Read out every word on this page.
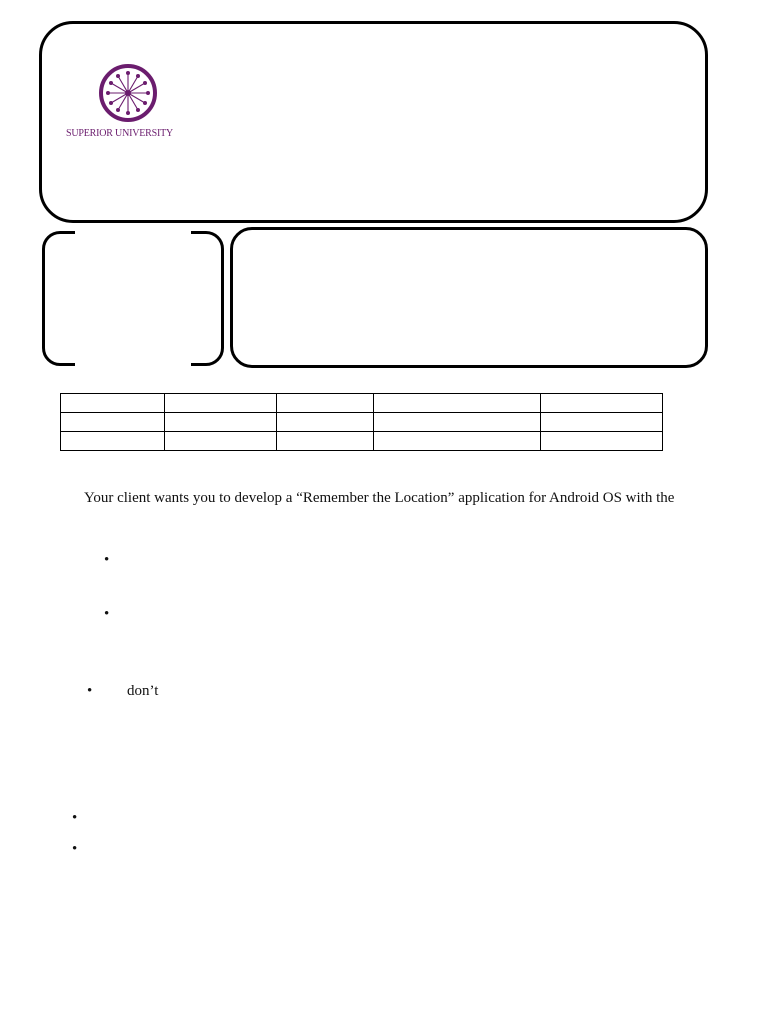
SUPERIOR UNIVERSITY

Your client wants you to develop a “Remember the Location” application for Android OS with the
•
•
• don’t
•
•
